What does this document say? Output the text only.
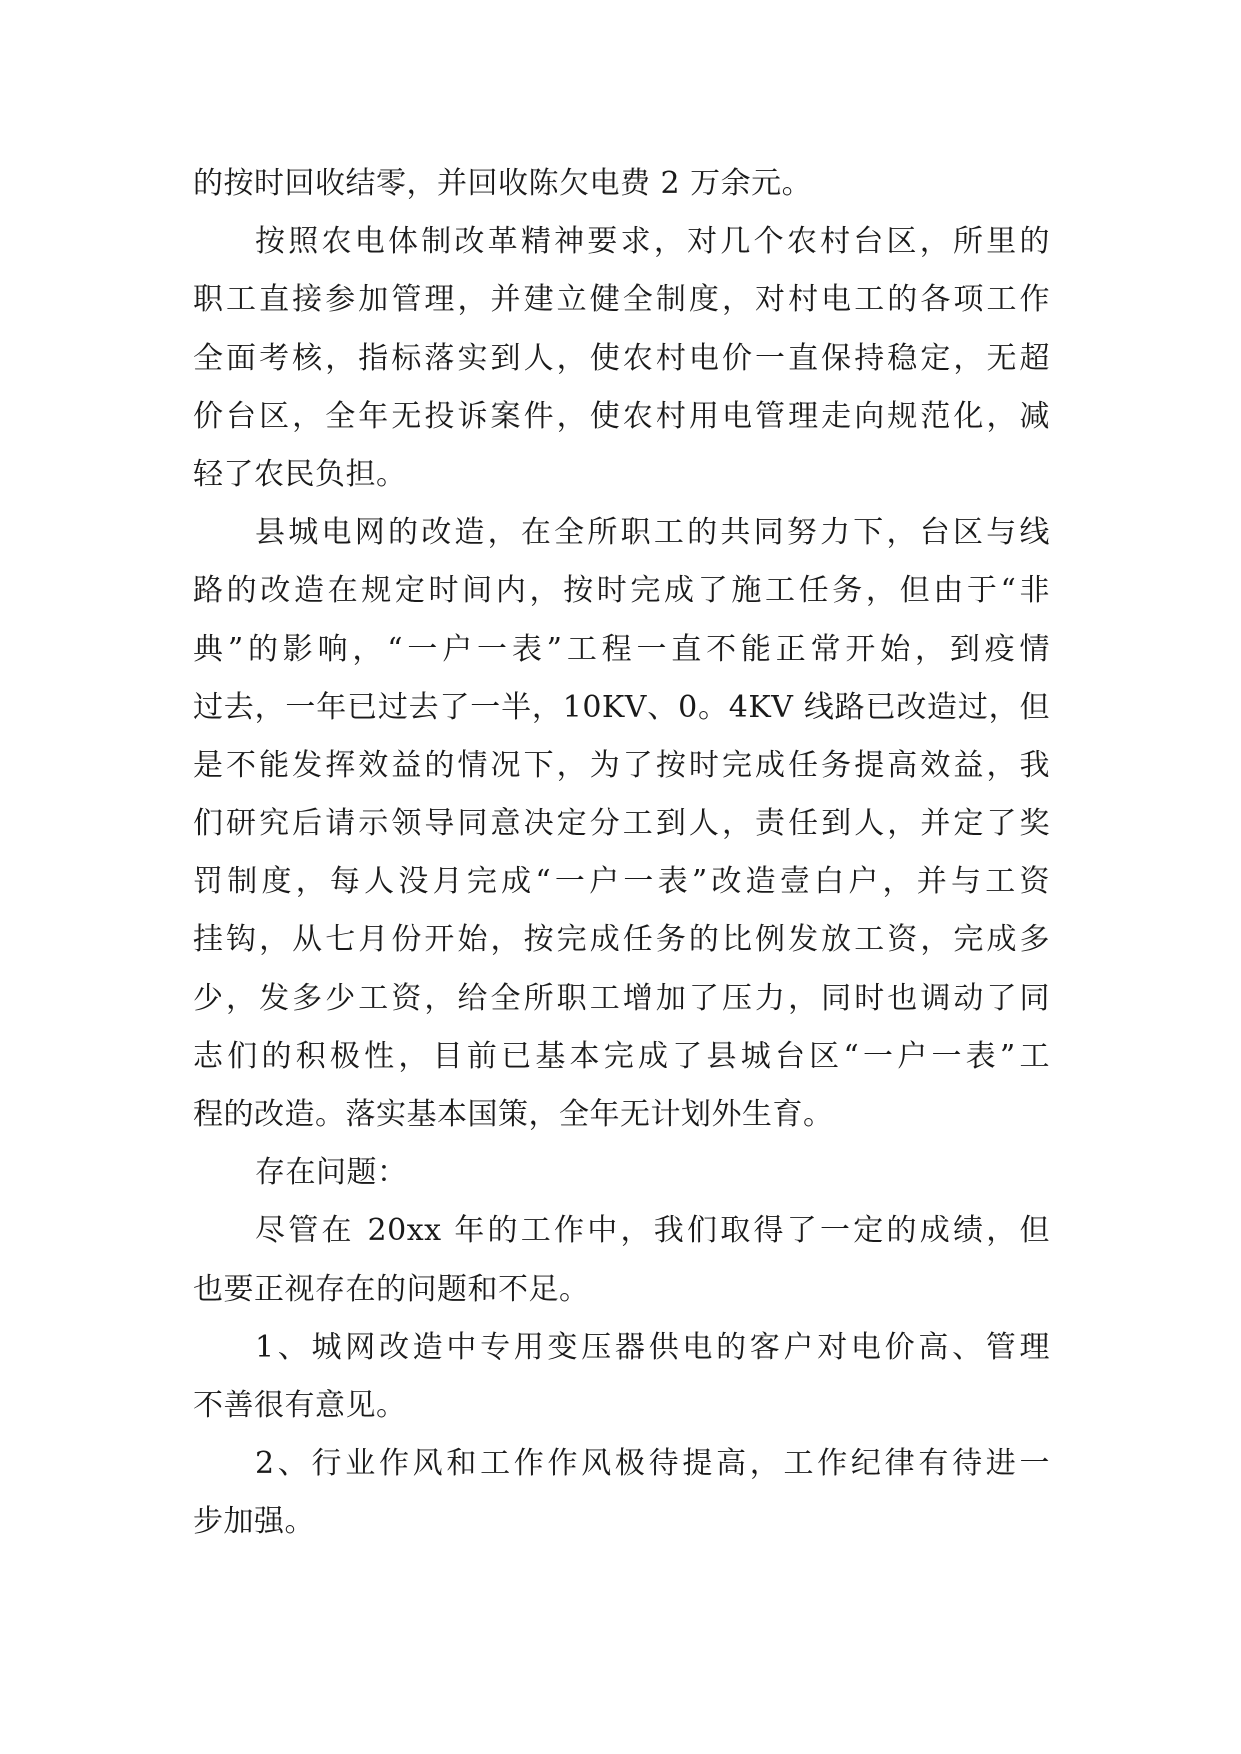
的按时回收结零，并回收陈欠电费 2 万余元。
按照农电体制改革精神要求，对几个农村台区，所里的
职工直接参加管理，并建立健全制度，对村电工的各项工作
全面考核，指标落实到人，使农村电价一直保持稳定，无超
价台区，全年无投诉案件，使农村用电管理走向规范化，减
轻了农民负担。
县城电网的改造，在全所职工的共同努力下，台区与线
路的改造在规定时间内，按时完成了施工任务，但由于“非
典”的影响，“一户一表”工程一直不能正常开始，到疫情
过去，一年已过去了一半，10KV、0。4KV 线路已改造过，但
是不能发挥效益的情况下，为了按时完成任务提高效益，我
们研究后请示领导同意决定分工到人，责任到人，并定了奖
罚制度，每人没月完成“一户一表”改造壹白户，并与工资
挂钩，从七月份开始，按完成任务的比例发放工资，完成多
少，发多少工资，给全所职工增加了压力，同时也调动了同
志们的积极性，目前已基本完成了县城台区“一户一表”工
程的改造。落实基本国策，全年无计划外生育。
存在问题：
尽管在 20xx 年的工作中，我们取得了一定的成绩，但
也要正视存在的问题和不足。
1、城网改造中专用变压器供电的客户对电价高、管理
不善很有意见。
2、行业作风和工作作风极待提高，工作纪律有待进一
步加强。
